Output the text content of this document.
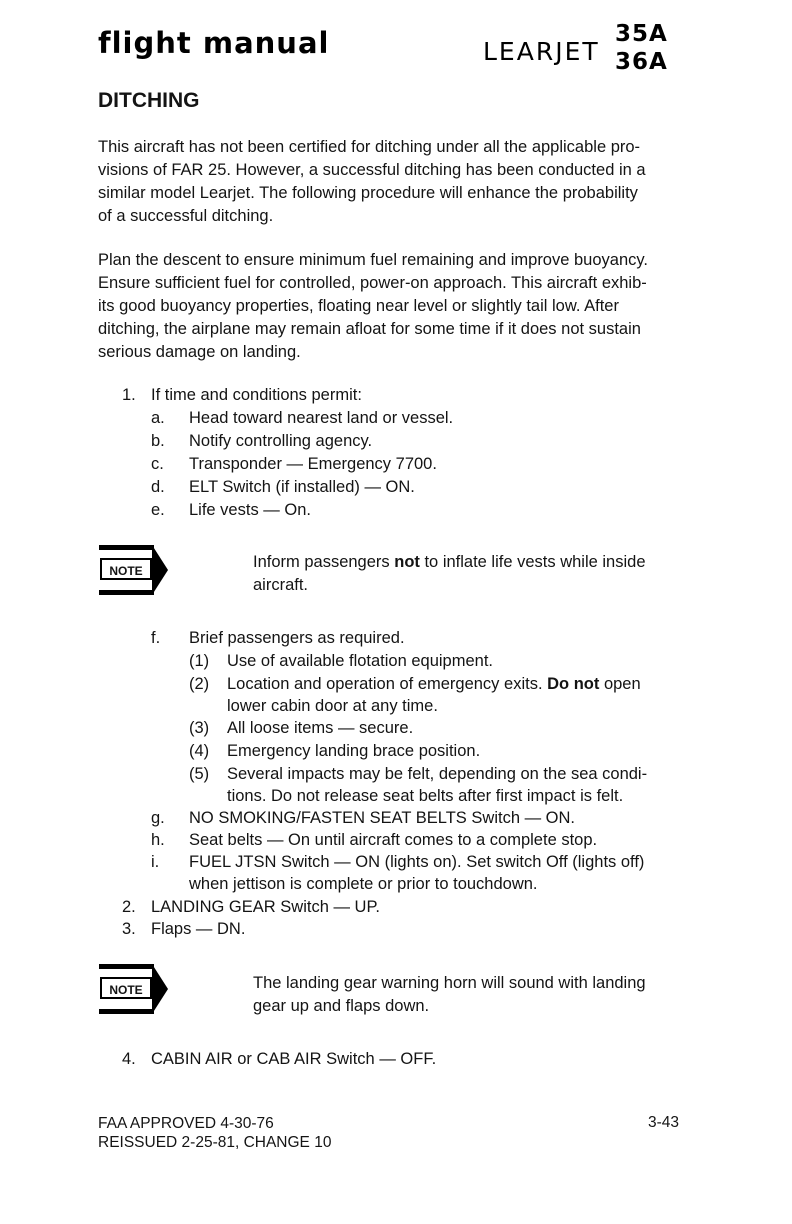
flight manual	LEARJET
35A
36A
DITCHING
This aircraft has not been certified for ditching under all the applicable pro-
visions of FAR 25. However, a successful ditching has been conducted in a
similar model Learjet. The following procedure will enhance the probability
of a successful ditching.
Plan the descent to ensure minimum fuel remaining and improve buoyancy.
Ensure sufficient fuel for controlled, power-on approach. This aircraft exhib-
its good buoyancy properties, floating near level or slightly tail low. After
ditching, the airplane may remain afloat for some time if it does not sustain
serious damage on landing.
1. If time and conditions permit:
a. Head toward nearest land or vessel.
b. Notify controlling agency.
c. Transponder — Emergency 7700.
d. ELT Switch (if installed) — ON.
e. Life vests — On.
NOTE	Inform passengers not to inflate life vests while inside
aircraft.
f. Brief passengers as required.
(1) Use of available flotation equipment.
(2) Location and operation of emergency exits. Do not open
lower cabin door at any time.
(3) All loose items — secure.
(4) Emergency landing brace position.
(5) Several impacts may be felt, depending on the sea condi-
tions. Do not release seat belts after first impact is felt.
g. NO SMOKING/FASTEN SEAT BELTS Switch — ON.
h. Seat belts — On until aircraft comes to a complete stop.
i. FUEL JTSN Switch — ON (lights on). Set switch Off (lights off)
when jettison is complete or prior to touchdown.
2. LANDING GEAR Switch — UP.
3. Flaps — DN.
NOTE	The landing gear warning horn will sound with landing
gear up and flaps down.
4. CABIN AIR or CAB AIR Switch — OFF.
FAA APPROVED 4-30-76
REISSUED 2-25-81, CHANGE 10
3-43
